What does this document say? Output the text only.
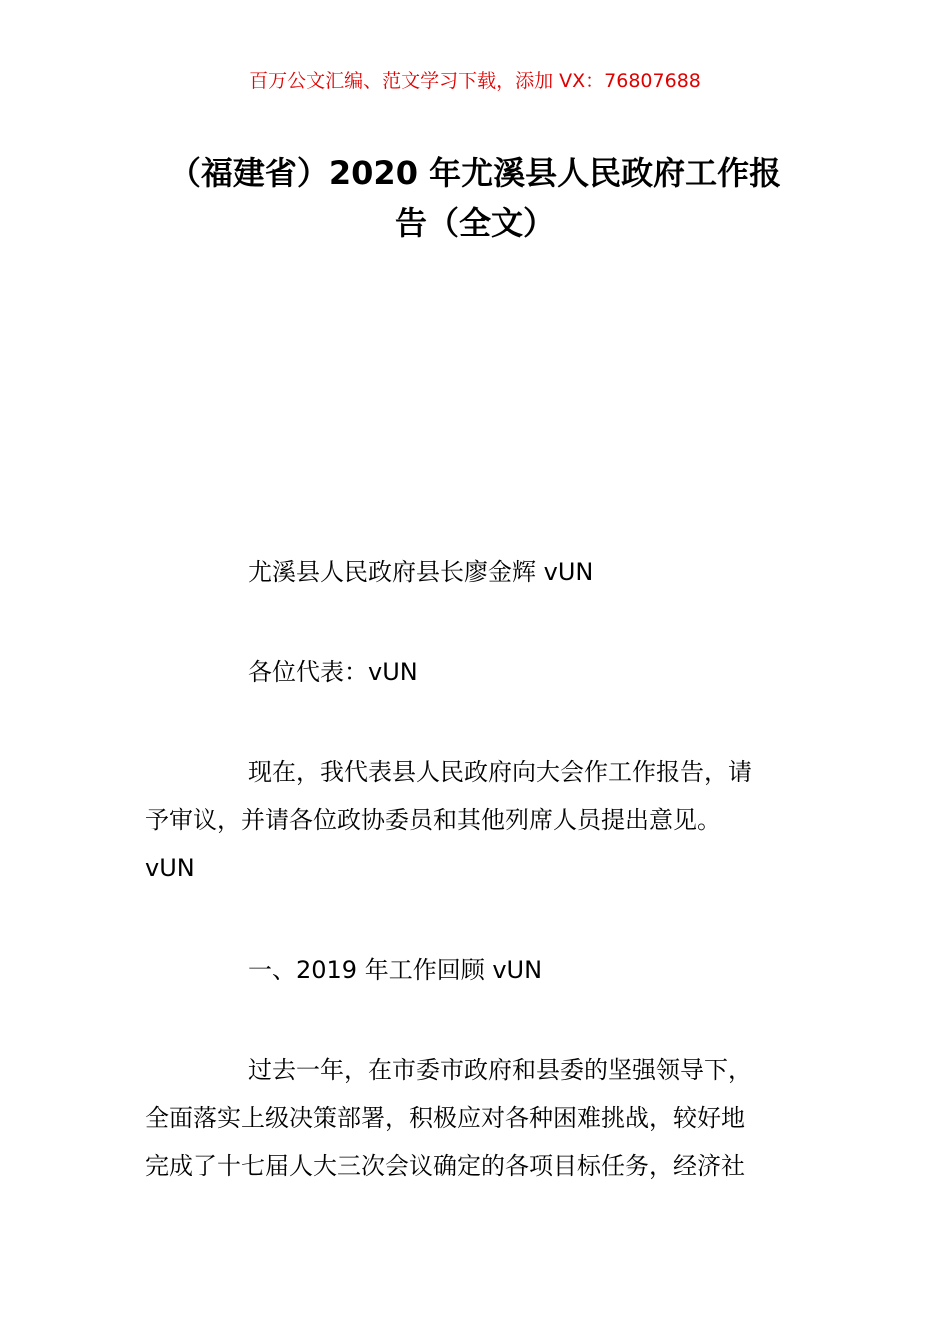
百万公文汇编、范文学习下载，添加 VX：76807688
（福建省）2020 年尤溪县人民政府工作报
告（全文）

尤溪县人民政府县长廖金辉 vUN

各位代表：vUN

现在，我代表县人民政府向大会作工作报告，请
予审议，并请各位政协委员和其他列席人员提出意见。
vUN

一、2019 年工作回顾 vUN

过去一年，在市委市政府和县委的坚强领导下，
全面落实上级决策部署，积极应对各种困难挑战，较好地
完成了十七届人大三次会议确定的各项目标任务，经济社
